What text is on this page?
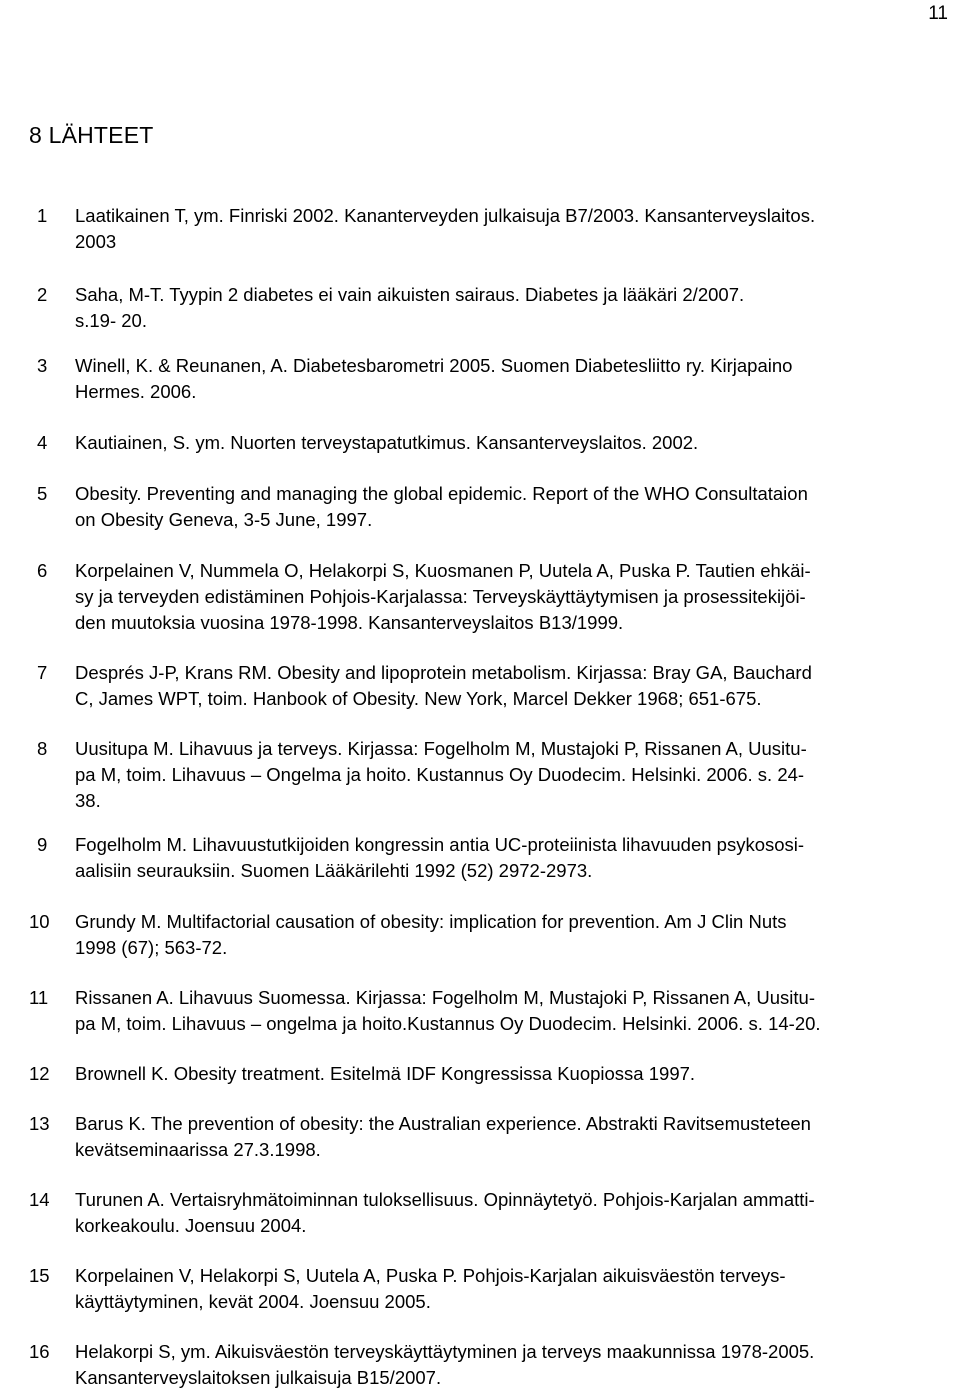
11
8 LÄHTEET
1 Laatikainen T, ym. Finriski 2002. Kananterveyden julkaisuja B7/2003. Kansanterveyslaitos.
2003
2 Saha, M-T. Tyypin 2 diabetes ei vain aikuisten sairaus. Diabetes ja lääkäri 2/2007.
s.19- 20.
3 Winell, K. & Reunanen, A. Diabetesbarometri 2005. Suomen Diabetesliitto ry. Kirjapaino
Hermes. 2006.
4 Kautiainen, S. ym. Nuorten terveystapatutkimus. Kansanterveyslaitos. 2002.
5 Obesity. Preventing and managing the global epidemic. Report of the WHO Consultataion
on Obesity Geneva, 3-5 June, 1997.
6 Korpelainen V, Nummela O, Helakorpi S, Kuosmanen P, Uutela A, Puska P. Tautien ehkäi-
sy ja terveyden edistäminen Pohjois-Karjalassa: Terveyskäyttäytymisen ja prosessitekijöi-
den muutoksia vuosina 1978-1998. Kansanterveyslaitos B13/1999.
7 Després J-P, Krans RM. Obesity and lipoprotein metabolism. Kirjassa: Bray GA, Bauchard
C, James WPT, toim. Hanbook of Obesity. New York, Marcel Dekker 1968; 651-675.
8 Uusitupa M. Lihavuus ja terveys. Kirjassa: Fogelholm M, Mustajoki P, Rissanen A, Uusitu-
pa M, toim. Lihavuus – Ongelma ja hoito. Kustannus Oy Duodecim. Helsinki. 2006. s. 24-
38.
9 Fogelholm M. Lihavuustutkijoiden kongressin antia UC-proteiinista lihavuuden psykososi-
aalisiin seurauksiin. Suomen Lääkärilehti 1992 (52) 2972-2973.
10 Grundy M. Multifactorial causation of obesity: implication for prevention. Am J Clin Nuts
1998 (67); 563-72.
11 Rissanen A. Lihavuus Suomessa. Kirjassa: Fogelholm M, Mustajoki P, Rissanen A, Uusitu-
pa M, toim. Lihavuus – ongelma ja hoito.Kustannus Oy Duodecim. Helsinki. 2006. s. 14-20.
12 Brownell K. Obesity treatment. Esitelmä IDF Kongressissa Kuopiossa 1997.
13 Barus K. The prevention of obesity: the Australian experience. Abstrakti Ravitsemusteteen
kevätseminaarissa 27.3.1998.
14 Turunen A. Vertaisryhmätoiminnan tuloksellisuus. Opinnäytetyö. Pohjois-Karjalan ammatti-
korkeakoulu. Joensuu 2004.
15 Korpelainen V, Helakorpi S, Uutela A, Puska P. Pohjois-Karjalan aikuisväestön terveys-
käyttäytyminen, kevät 2004. Joensuu 2005.
16 Helakorpi S, ym. Aikuisväestön terveyskäyttäytyminen ja terveys maakunnissa 1978-2005.
Kansanterveyslaitoksen julkaisuja B15/2007.
